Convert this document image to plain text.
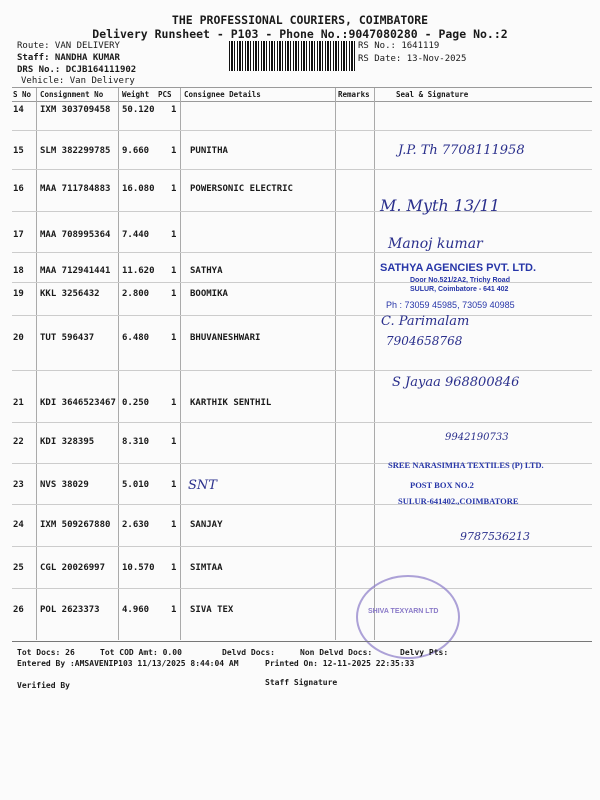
THE PROFESSIONAL COURIERS, COIMBATORE
Delivery Runsheet - P103 - Phone No.:9047080280 - Page No.:2
Route: VAN DELIVERY
Staff: NANDHA KUMAR
DRS No.: DCJB164111902
Vehicle: Van Delivery
RS No.: 1641119
RS Date: 13-Nov-2025
S No Consignment No	Weight PCS Consignee Details	Remarks	Seal & Signature
14 IXM 303709458 50.120 1
15 SLM 382299785 9.660 1 PUNITHA
16 MAA 711784883 16.080 1 POWERSONIC ELECTRIC
17 MAA 708995364 7.440 1
18 MAA 712941441 11.620 1 SATHYA
19 KKL 3256432 2.800 1 BOOMIKA
20 TUT 596437	6.480 1 BHUVANESHWARI
21 KDI 3646523467 0.250 1 KARTHIK SENTHIL
22 KDI 328395	8.310 1
23 NVS 38029	5.010 1
24 IXM 509267880 2.630 1 SANJAY
25 CGL 20026997 10.570 1 SIMTAA
26 POL 2623373 4.960 1 SIVA TEX
J.P. Th 7708111958
M. Myth 13/11
Manoj kumar
SATHYA AGENCIES PVT. LTD.
Door No.521/2A2, Trichy Road
SULUR, Coimbatore - 641 402
Ph : 73059 45985, 73059 40985
C. Parimalam
7904658768
S Jayaa 968800846
9942190733
SREE NARASIMHA TEXTILES (P) LTD.
POST BOX NO.2
SULUR-641402.,COIMBATORE
SNT
9787536213
SHIVA TEXYARN LTD
Tot Docs: 26	Tot COD Amt: 0.00	Delvd Docs:	Non Delvd Docs:	Delvy Pts:
Entered By :AMSAVENIP103 11/13/2025 8:44:04 AM	Printed On: 12-11-2025 22:35:33
Verified By	Staff Signature
